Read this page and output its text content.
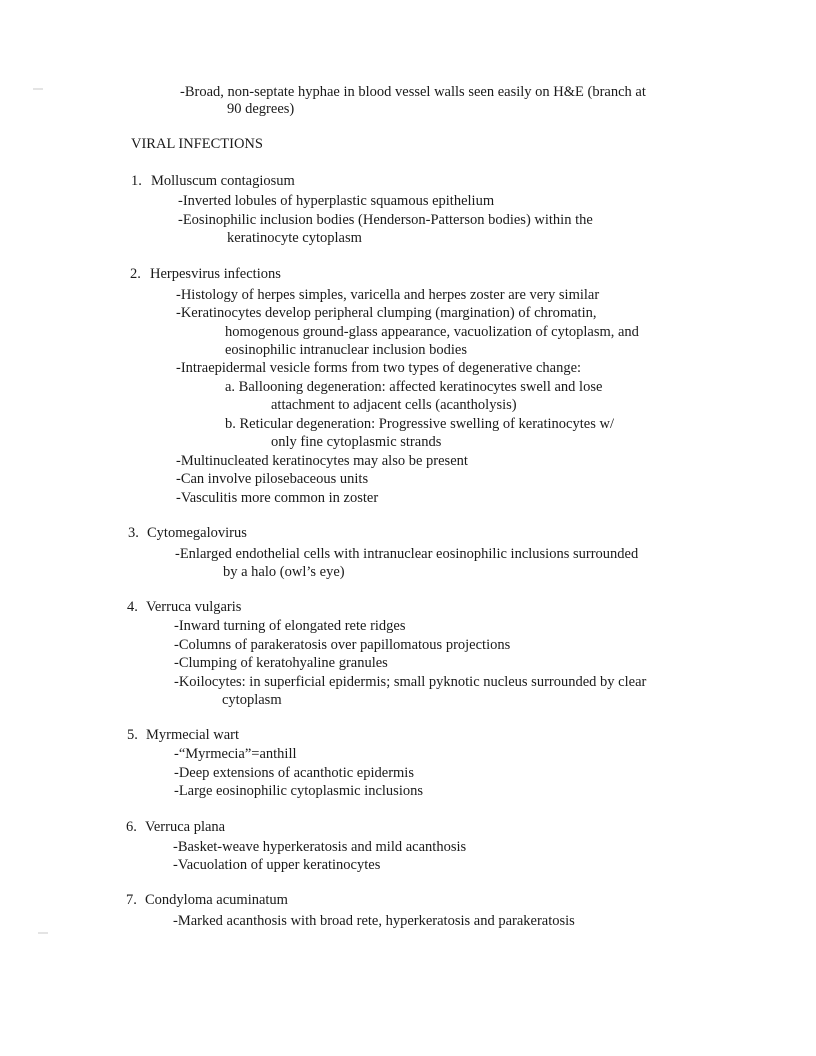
-Broad, non-septate hyphae in blood vessel walls seen easily on H&E (branch at
90 degrees)
VIRAL INFECTIONS
1. Molluscum contagiosum
-Inverted lobules of hyperplastic squamous epithelium
-Eosinophilic inclusion bodies (Henderson-Patterson bodies) within the
keratinocyte cytoplasm
2. Herpesvirus infections
-Histology of herpes simples, varicella and herpes zoster are very similar
-Keratinocytes develop peripheral clumping (margination) of chromatin,
homogenous ground-glass appearance, vacuolization of cytoplasm, and
eosinophilic intranuclear inclusion bodies
-Intraepidermal vesicle forms from two types of degenerative change:
a. Ballooning degeneration: affected keratinocytes swell and lose
attachment to adjacent cells (acantholysis)
b. Reticular degeneration: Progressive swelling of keratinocytes w/
only fine cytoplasmic strands
-Multinucleated keratinocytes may also be present
-Can involve pilosebaceous units
-Vasculitis more common in zoster
3. Cytomegalovirus
-Enlarged endothelial cells with intranuclear eosinophilic inclusions surrounded
by a halo (owl’s eye)
4. Verruca vulgaris
-Inward turning of elongated rete ridges
-Columns of parakeratosis over papillomatous projections
-Clumping of keratohyaline granules
-Koilocytes: in superficial epidermis; small pyknotic nucleus surrounded by clear
cytoplasm
5. Myrmecial wart
-“Myrmecia”=anthill
-Deep extensions of acanthotic epidermis
-Large eosinophilic cytoplasmic inclusions
6. Verruca plana
-Basket-weave hyperkeratosis and mild acanthosis
-Vacuolation of upper keratinocytes
7. Condyloma acuminatum
-Marked acanthosis with broad rete, hyperkeratosis and parakeratosis
